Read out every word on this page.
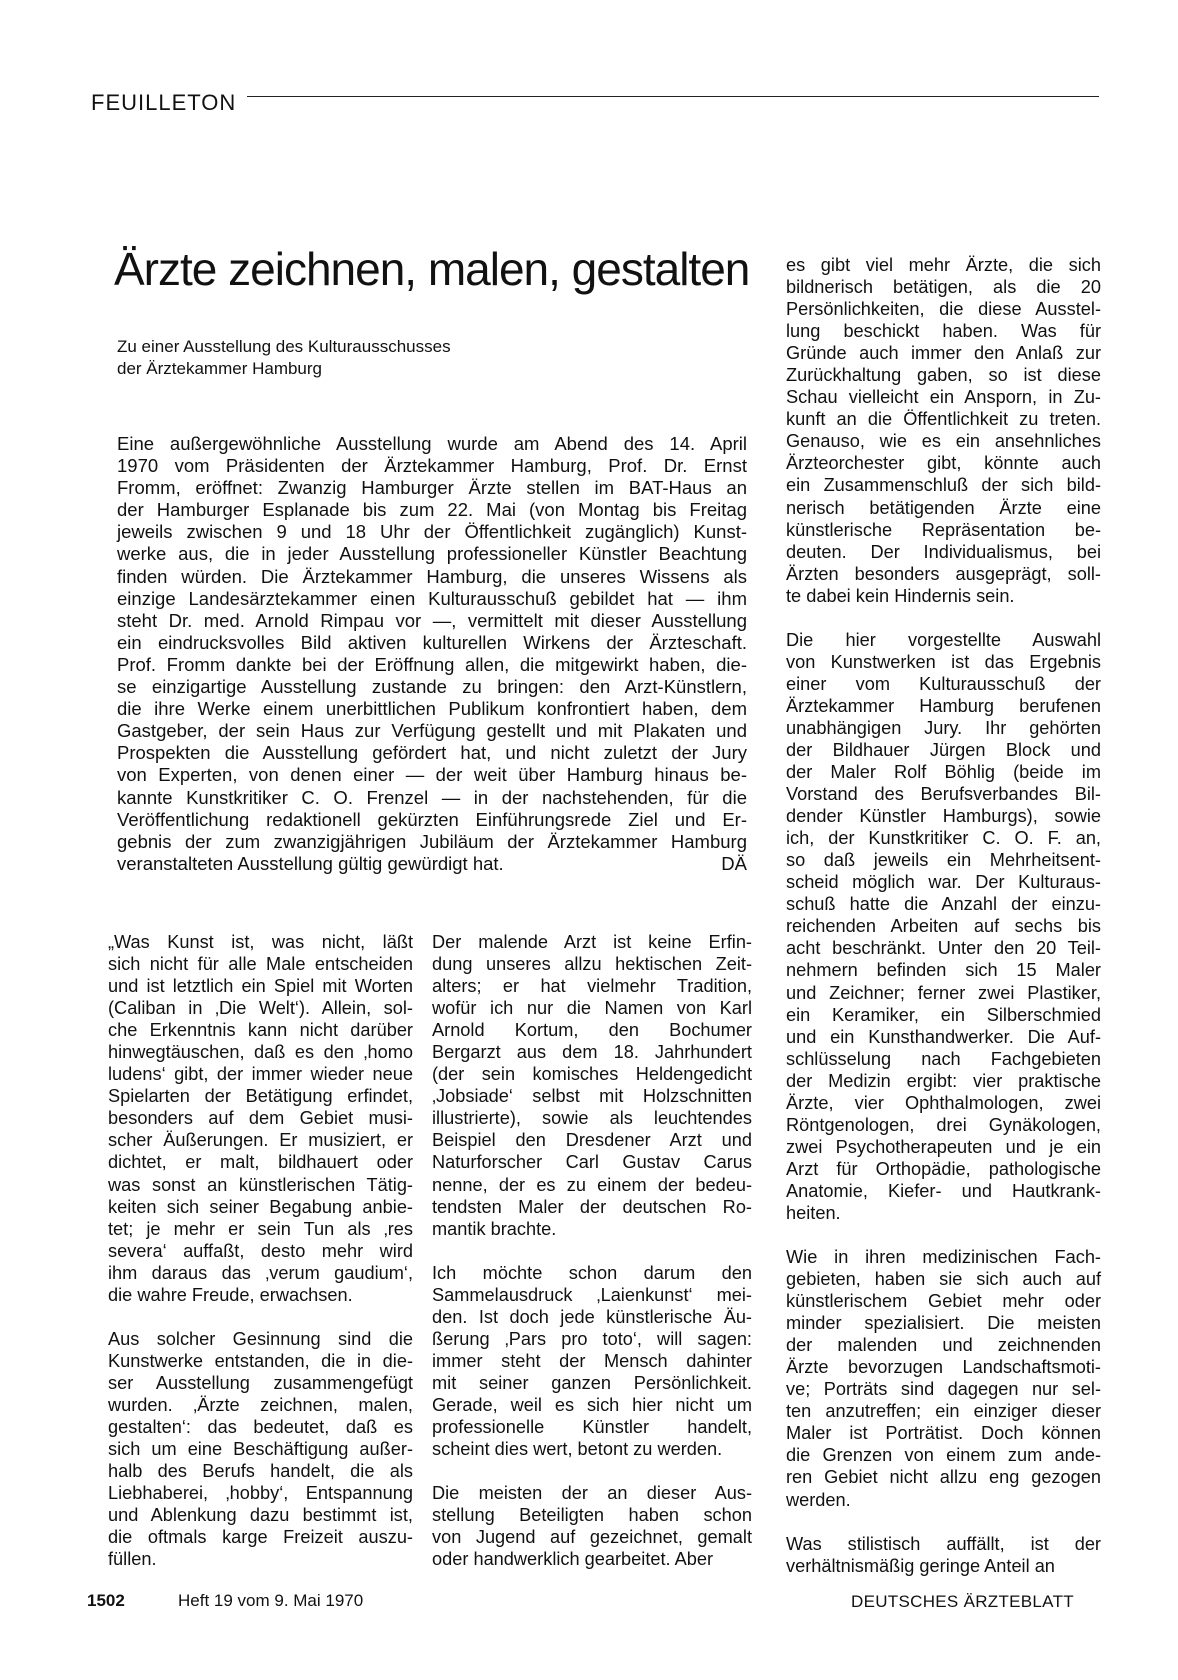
FEUILLETON
Ärzte zeichnen, malen, gestalten
Zu einer Ausstellung des Kulturausschusses
der Ärztekammer Hamburg
Eine außergewöhnliche Ausstellung wurde am Abend des 14. April
1970 vom Präsidenten der Ärztekammer Hamburg, Prof. Dr. Ernst
Fromm, eröffnet: Zwanzig Hamburger Ärzte stellen im BAT-Haus an
der Hamburger Esplanade bis zum 22. Mai (von Montag bis Freitag
jeweils zwischen 9 und 18 Uhr der Öffentlichkeit zugänglich) Kunst-
werke aus, die in jeder Ausstellung professioneller Künstler Beachtung
finden würden. Die Ärztekammer Hamburg, die unseres Wissens als
einzige Landesärztekammer einen Kulturausschuß gebildet hat — ihm
steht Dr. med. Arnold Rimpau vor —, vermittelt mit dieser Ausstellung
ein eindrucksvolles Bild aktiven kulturellen Wirkens der Ärzteschaft.
Prof. Fromm dankte bei der Eröffnung allen, die mitgewirkt haben, die-
se einzigartige Ausstellung zustande zu bringen: den Arzt-Künstlern,
die ihre Werke einem unerbittlichen Publikum konfrontiert haben, dem
Gastgeber, der sein Haus zur Verfügung gestellt und mit Plakaten und
Prospekten die Ausstellung gefördert hat, und nicht zuletzt der Jury
von Experten, von denen einer — der weit über Hamburg hinaus be-
kannte Kunstkritiker C. O. Frenzel — in der nachstehenden, für die
Veröffentlichung redaktionell gekürzten Einführungsrede Ziel und Er-
gebnis der zum zwanzigjährigen Jubiläum der Ärztekammer Hamburg
veranstalteten Ausstellung gültig gewürdigt hat.	DÄ
„Was Kunst ist, was nicht, läßt
sich nicht für alle Male entscheiden
und ist letztlich ein Spiel mit Worten
(Caliban in ‚Die Welt‘). Allein, sol-
che Erkenntnis kann nicht darüber
hinwegtäuschen, daß es den ‚homo
ludens‘ gibt, der immer wieder neue
Spielarten der Betätigung erfindet,
besonders auf dem Gebiet musi-
scher Äußerungen. Er musiziert, er
dichtet, er malt, bildhauert oder
was sonst an künstlerischen Tätig-
keiten sich seiner Begabung anbie-
tet; je mehr er sein Tun als ‚res
severa‘ auffaßt, desto mehr wird
ihm daraus das ‚verum gaudium‘,
die wahre Freude, erwachsen.
Aus solcher Gesinnung sind die
Kunstwerke entstanden, die in die-
ser Ausstellung zusammengefügt
wurden. ‚Ärzte zeichnen, malen,
gestalten‘: das bedeutet, daß es
sich um eine Beschäftigung außer-
halb des Berufs handelt, die als
Liebhaberei, ‚hobby‘, Entspannung
und Ablenkung dazu bestimmt ist,
die oftmals karge Freizeit auszu-
füllen.
Der malende Arzt ist keine Erfin-
dung unseres allzu hektischen Zeit-
alters; er hat vielmehr Tradition,
wofür ich nur die Namen von Karl
Arnold Kortum, den Bochumer
Bergarzt aus dem 18. Jahrhundert
(der sein komisches Heldengedicht
‚Jobsiade‘ selbst mit Holzschnitten
illustrierte), sowie als leuchtendes
Beispiel den Dresdener Arzt und
Naturforscher Carl Gustav Carus
nenne, der es zu einem der bedeu-
tendsten Maler der deutschen Ro-
mantik brachte.
Ich möchte schon darum den
Sammelausdruck ‚Laienkunst‘ mei-
den. Ist doch jede künstlerische Äu-
ßerung ‚Pars pro toto‘, will sagen:
immer steht der Mensch dahinter
mit seiner ganzen Persönlichkeit.
Gerade, weil es sich hier nicht um
professionelle Künstler handelt,
scheint dies wert, betont zu werden.
Die meisten der an dieser Aus-
stellung Beteiligten haben schon
von Jugend auf gezeichnet, gemalt
oder handwerklich gearbeitet. Aber
es gibt viel mehr Ärzte, die sich
bildnerisch betätigen, als die 20
Persönlichkeiten, die diese Ausstel-
lung beschickt haben. Was für
Gründe auch immer den Anlaß zur
Zurückhaltung gaben, so ist diese
Schau vielleicht ein Ansporn, in Zu-
kunft an die Öffentlichkeit zu treten.
Genauso, wie es ein ansehnliches
Ärzteorchester gibt, könnte auch
ein Zusammenschluß der sich bild-
nerisch betätigenden Ärzte eine
künstlerische Repräsentation be-
deuten. Der Individualismus, bei
Ärzten besonders ausgeprägt, soll-
te dabei kein Hindernis sein.
Die hier vorgestellte Auswahl
von Kunstwerken ist das Ergebnis
einer vom Kulturausschuß der
Ärztekammer Hamburg berufenen
unabhängigen Jury. Ihr gehörten
der Bildhauer Jürgen Block und
der Maler Rolf Böhlig (beide im
Vorstand des Berufsverbandes Bil-
dender Künstler Hamburgs), sowie
ich, der Kunstkritiker C. O. F. an,
so daß jeweils ein Mehrheitsent-
scheid möglich war. Der Kulturaus-
schuß hatte die Anzahl der einzu-
reichenden Arbeiten auf sechs bis
acht beschränkt. Unter den 20 Teil-
nehmern befinden sich 15 Maler
und Zeichner; ferner zwei Plastiker,
ein Keramiker, ein Silberschmied
und ein Kunsthandwerker. Die Auf-
schlüsselung nach Fachgebieten
der Medizin ergibt: vier praktische
Ärzte, vier Ophthalmologen, zwei
Röntgenologen, drei Gynäkologen,
zwei Psychotherapeuten und je ein
Arzt für Orthopädie, pathologische
Anatomie, Kiefer- und Hautkrank-
heiten.
Wie in ihren medizinischen Fach-
gebieten, haben sie sich auch auf
künstlerischem Gebiet mehr oder
minder spezialisiert. Die meisten
der malenden und zeichnenden
Ärzte bevorzugen Landschaftsmoti-
ve; Porträts sind dagegen nur sel-
ten anzutreffen; ein einziger dieser
Maler ist Porträtist. Doch können
die Grenzen von einem zum ande-
ren Gebiet nicht allzu eng gezogen
werden.
Was stilistisch auffällt, ist der
verhältnismäßig geringe Anteil an
1502	Heft 19 vom 9. Mai 1970	DEUTSCHES ÄRZTEBLATT
